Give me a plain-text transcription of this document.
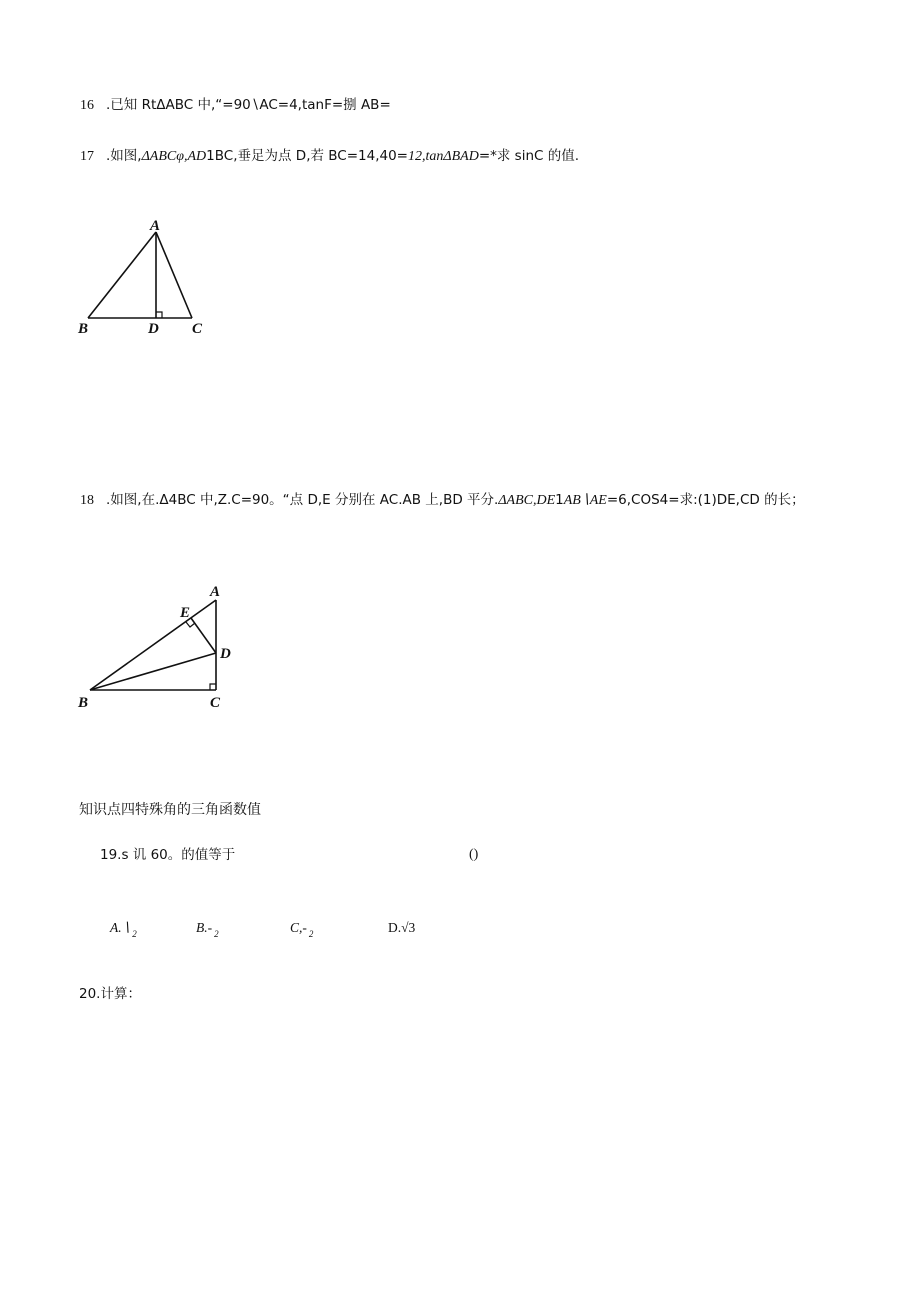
16 .已知 RtΔABC 中,“=90∖AC=4,tanF=捌 AB=
17 .如图,ΔABCφ,AD1BC,垂足为点 D,若 BC=14,40=12,tanΔBAD=*求 sinC 的值.
A
B	D C
18 .如图,在.Δ4BC 中,Z.C=90。“点 D,E 分别在 AC.AB 上,BD 平分.ΔABC,DE1AB∖AE=6,COS4=求:(1)DE,CD 的长；
A
E
D
B	C
知识点四特殊角的三角函数值
19.s 讥 60。的值等于	()
A.∖ $_2$	B.- $_2$	C,- $_2$	D.√3
20.计算：
